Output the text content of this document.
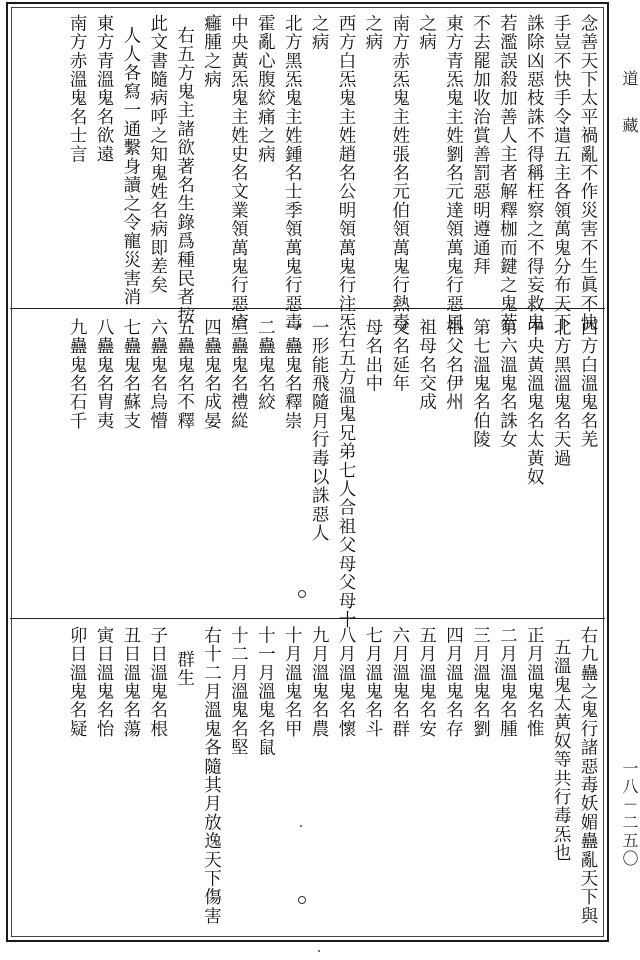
道 藏
一八－二五〇
念善天下太平禍亂不作災害不生眞不快
手豈不快手令遣五主各領萬鬼分布天下
誅除凶惡枝誅不得稱枉察之不得妄救鬼
若濫誤殺加善人主者解釋枷而鍵之鬼若
不去罷加收治賞善罰惡明遵通拜
東方青炁鬼主姓劉名元達領萬鬼行惡風
之病
南方赤炁鬼主姓張名元伯領萬鬼行熱毒
之病
西方白炁鬼主姓趙名公明領萬鬼行注炁
之病
北方黑炁鬼主姓鍾名士季領萬鬼行惡毒
霍亂心腹絞痛之病
中央黃炁鬼主姓史名文業領萬鬼行惡瘡
癰腫之病
右五方鬼主諸欲著名生錄爲種民者按
此文書隨病呼之知鬼姓名病即差矣
人人各寫一通繫身讀之令寵災害消
東方青溫鬼名欲遠
南方赤溫鬼名士言
西方白溫鬼名羌
北方黑溫鬼名天過
中央黃溫鬼名太黃奴
第六溫鬼名誅女
第七溫鬼名伯陵
祖父名伊州
祖母名交成
父名延年
母名出中
右五方溫鬼兄弟七人合祖父母父母十
一形能飛隨月行毒以誅惡人
一蠱鬼名釋崇
二蠱鬼名絞
三蠱鬼名禮緃
四蠱鬼名成晏
五蠱鬼名不釋
六蠱鬼名烏懵
七蠱鬼名蘇支
八蠱鬼名胄夷
九蠱鬼名石千
右九蠱之鬼行諸惡毒妖媚蠱亂天下與
五溫鬼太黃奴等共行毒炁也
正月溫鬼名惟
二月溫鬼名腫
三月溫鬼名劉
四月溫鬼名存
五月溫鬼名安
六月溫鬼名群
七月溫鬼名斗
八月溫鬼名懷
九月溫鬼名農
十月溫鬼名甲
十一月溫鬼名鼠
十二月溫鬼名堅
右十二月溫鬼各隨其月放逸天下傷害
群生
子日溫鬼名根
丑日溫鬼名蕩
寅日溫鬼名怡
卯日溫鬼名疑
